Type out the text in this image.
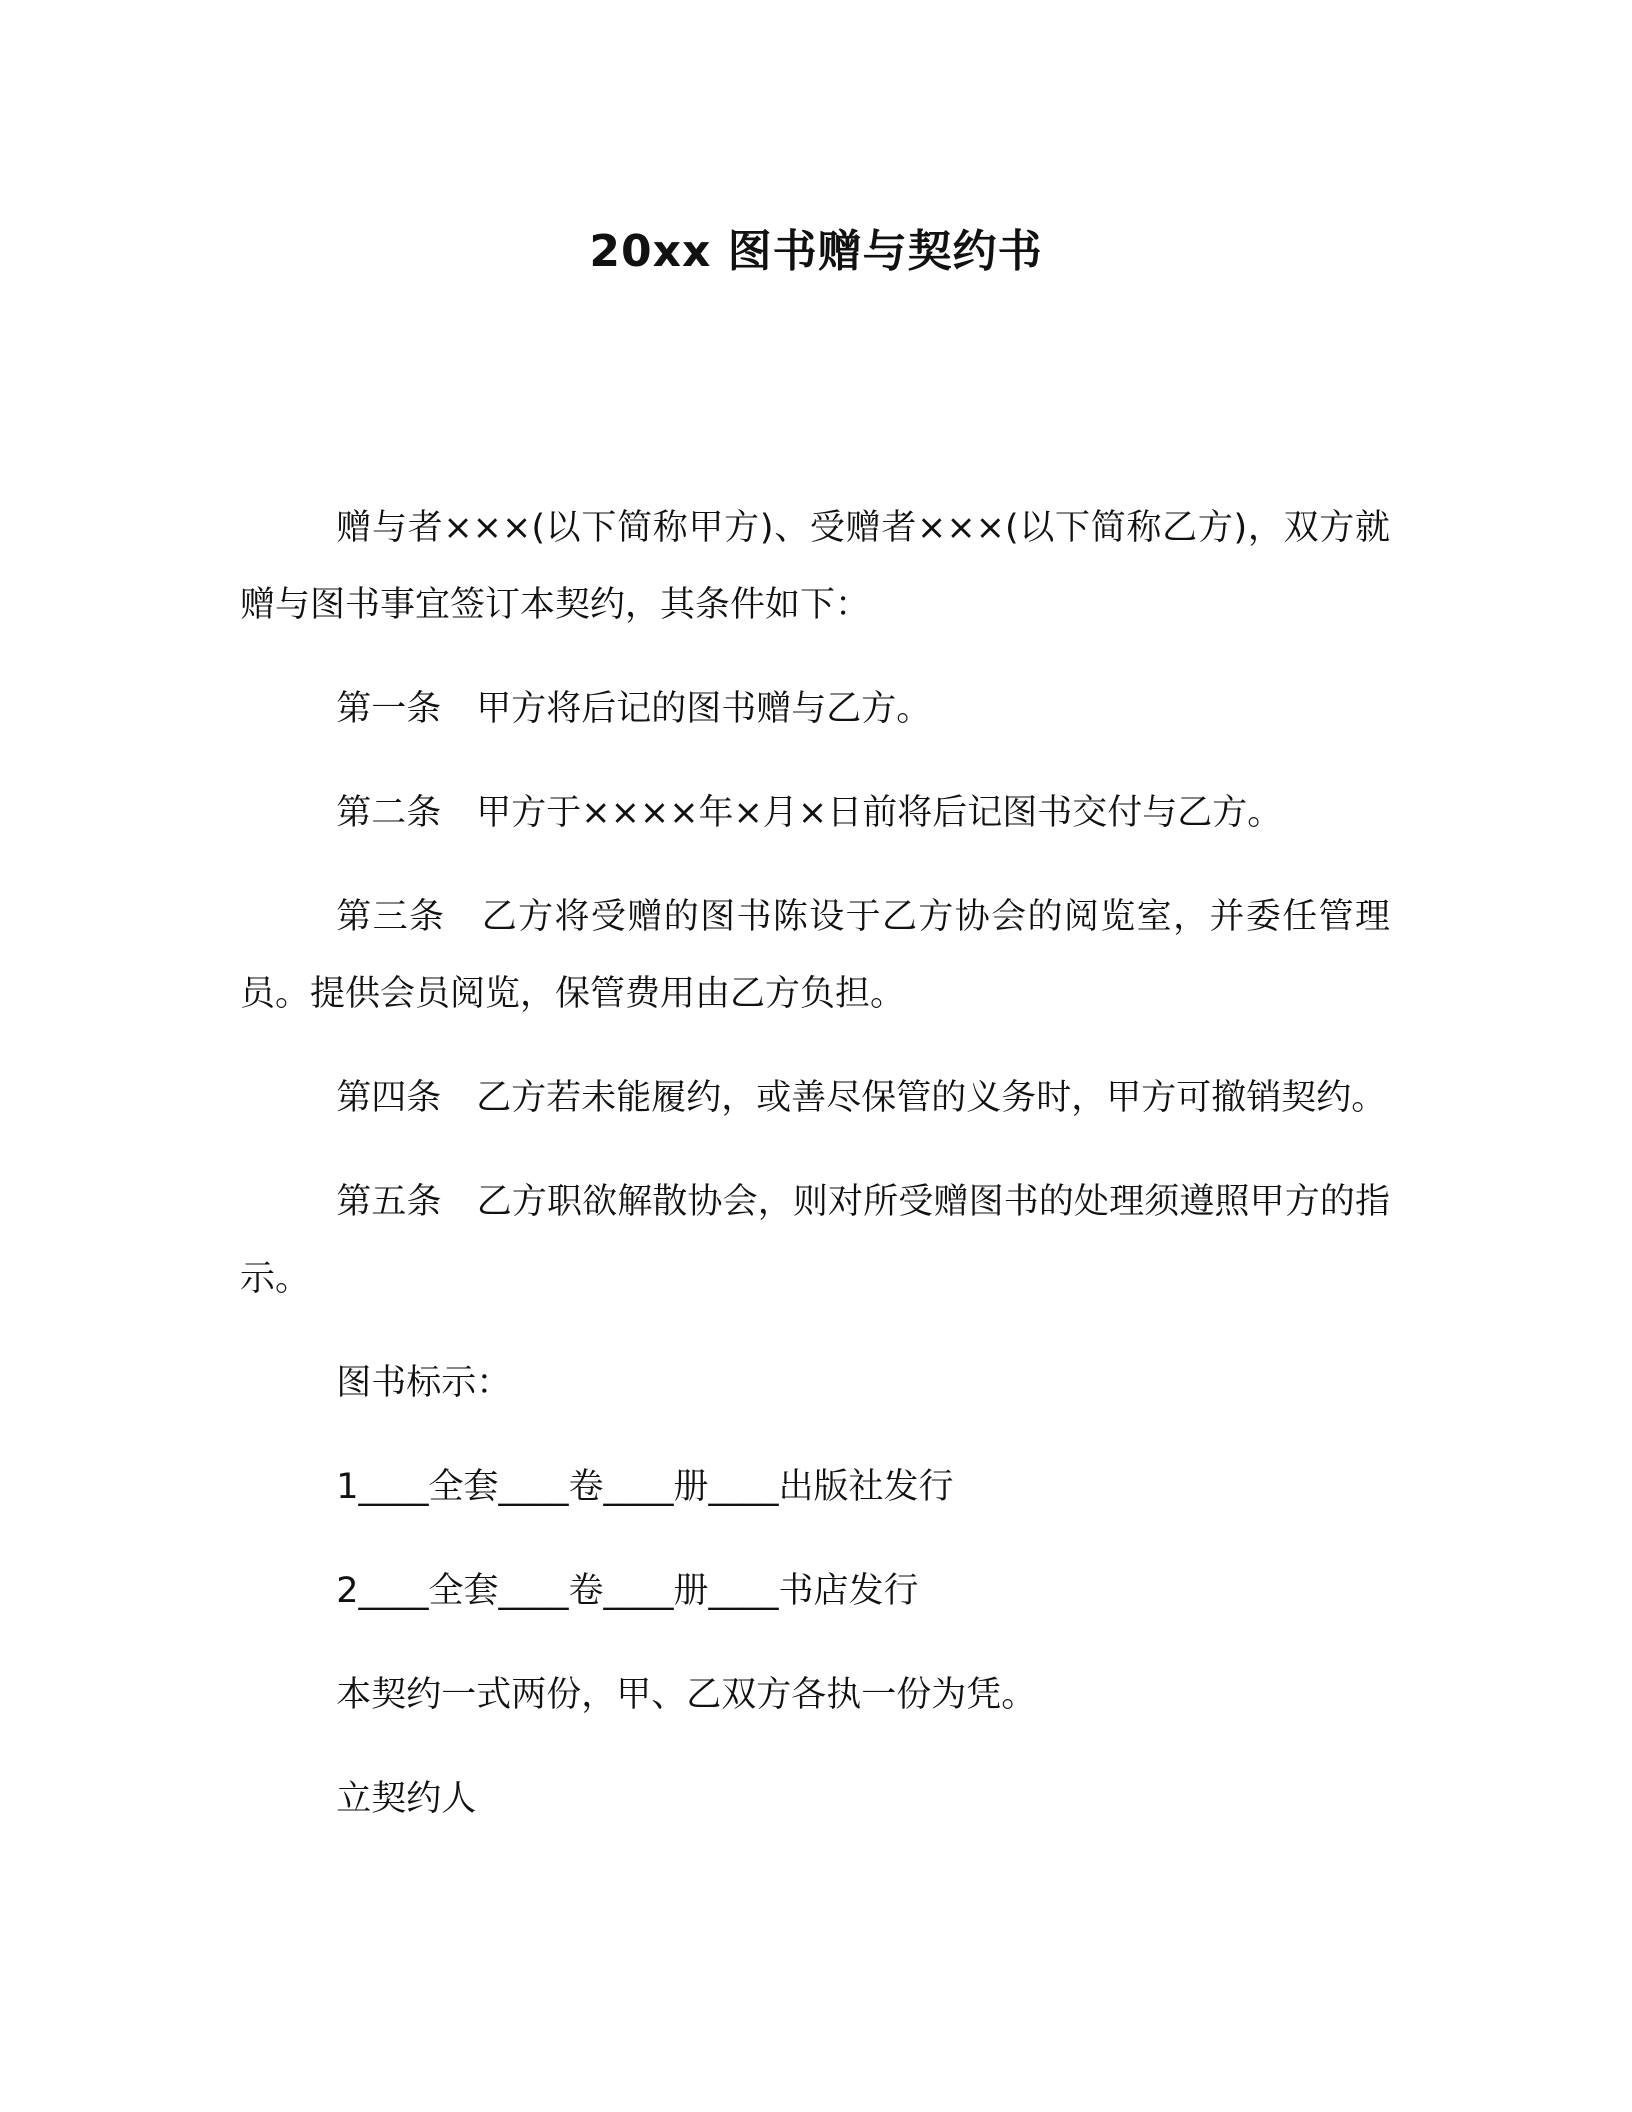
20xx 图书赠与契约书

赠与者×××(以下简称甲方)、受赠者×××(以下简称乙方)，双方就赠与图书事宜签订本契约，其条件如下：

第一条　甲方将后记的图书赠与乙方。

第二条　甲方于××××年×月×日前将后记图书交付与乙方。

第三条　乙方将受赠的图书陈设于乙方协会的阅览室，并委任管理员。提供会员阅览，保管费用由乙方负担。

第四条　乙方若未能履约，或善尽保管的义务时，甲方可撤销契约。

第五条　乙方职欲解散协会，则对所受赠图书的处理须遵照甲方的指示。

图书标示：

1____全套____卷____册____出版社发行

2____全套____卷____册____书店发行

本契约一式两份，甲、乙双方各执一份为凭。

立契约人
